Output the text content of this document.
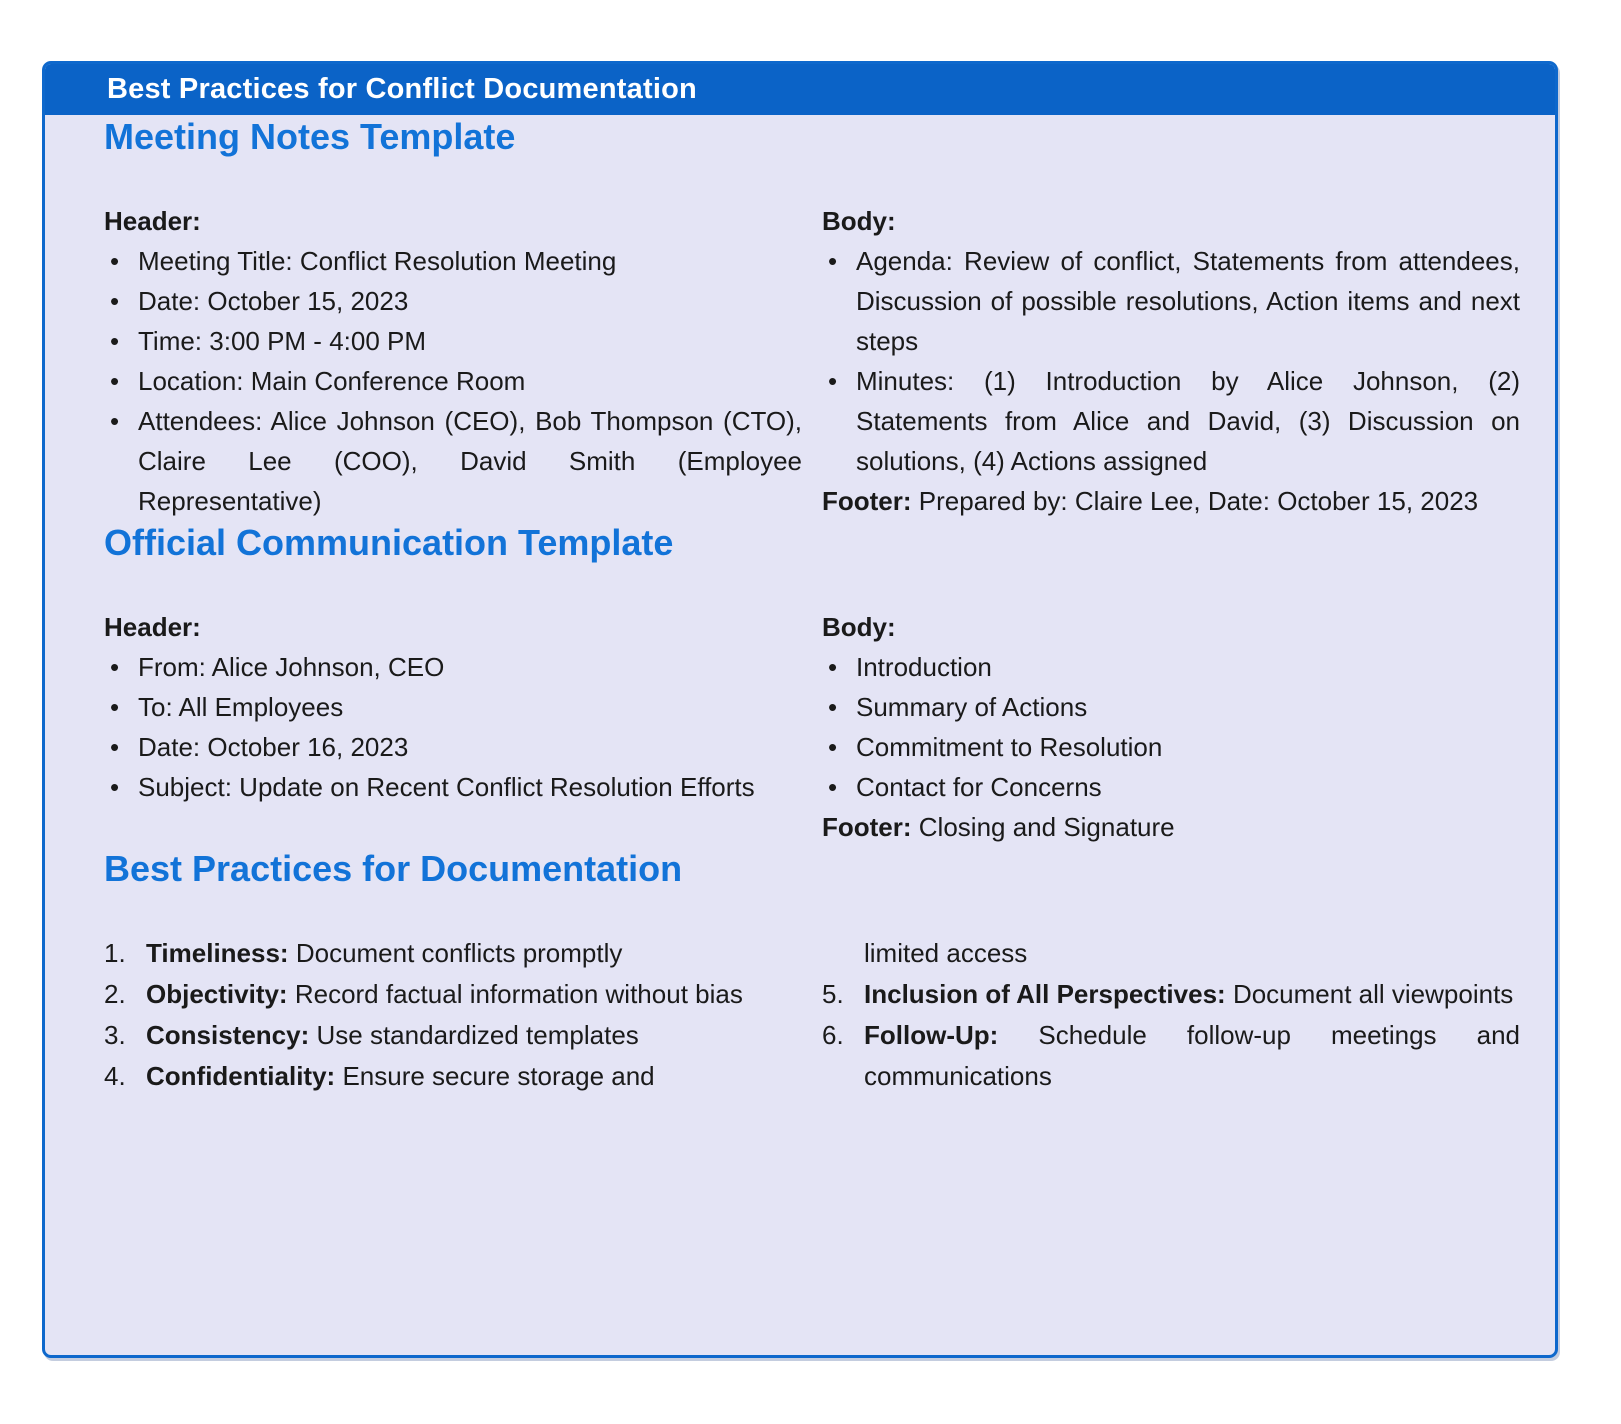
Best Practices for Conflict Documentation
Meeting Notes Template

Header:

• Meeting Title: Conflict Resolution Meeting
• Date: October 15, 2023
• Time: 3:00 PM - 4:00 PM
• Location: Main Conference Room
• Attendees: Alice Johnson (CEO), Bob Thompson (CTO), Claire Lee (COO), David Smith (Employee Representative)

Body:

• Agenda: Review of conflict, Statements from attendees, Discussion of possible resolutions, Action items and next steps
• Minutes: (1) Introduction by Alice Johnson, (2) Statements from Alice and David, (3) Discussion on solutions, (4) Actions assigned

Footer: Prepared by: Claire Lee, Date: October 15, 2023

Official Communication Template

Header:

• From: Alice Johnson, CEO
• To: All Employees
• Date: October 16, 2023
• Subject: Update on Recent Conflict Resolution Efforts

Body:

• Introduction
• Summary of Actions
• Commitment to Resolution
• Contact for Concerns

Footer: Closing and Signature

Best Practices for Documentation
1. Timeliness: Document conflicts promptly
2. Objectivity: Record factual information without bias
3. Consistency: Use standardized templates
4. Confidentiality: Ensure secure storage and
limited access
5. Inclusion of All Perspectives: Document all viewpoints
6. Follow-Up: Schedule follow-up meetings and communications
